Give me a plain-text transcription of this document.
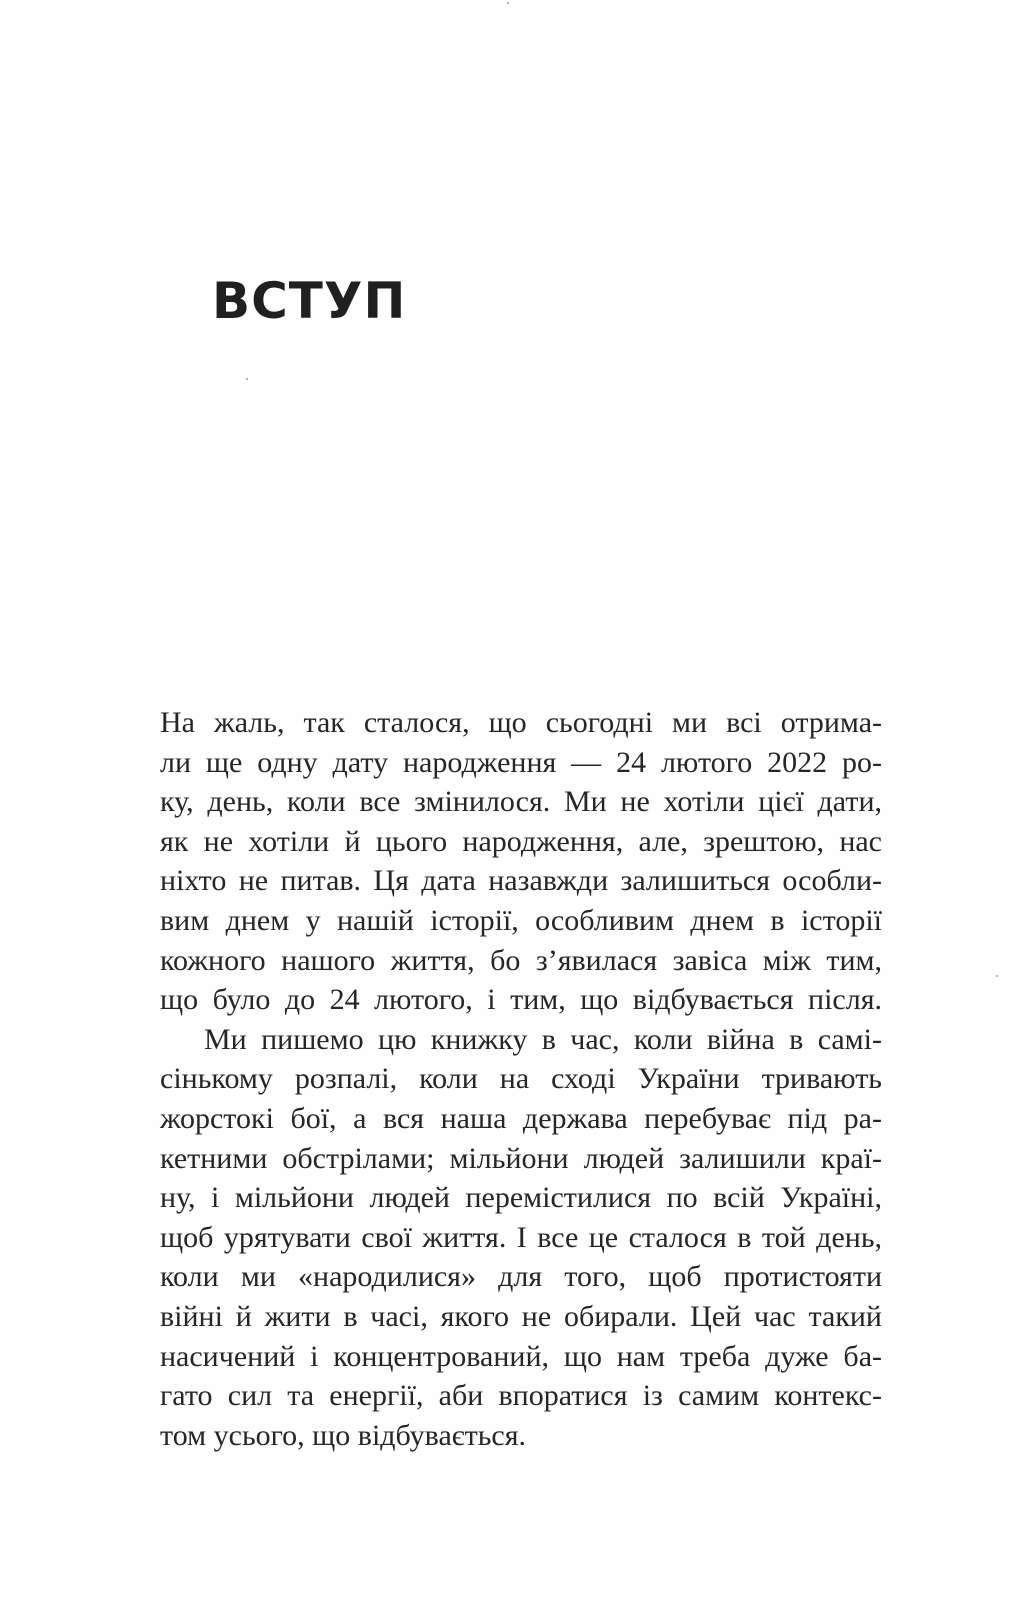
ВСТУП
На жаль, так сталося, що сьогодні ми всі отрима-
ли ще одну дату народження — 24 лютого 2022 ро-
ку, день, коли все змінилося. Ми не хотіли цієї дати,
як не хотіли й цього народження, але, зрештою, нас
ніхто не питав. Ця дата назавжди залишиться особли-
вим днем у нашій історії, особливим днем в історії
кожного нашого життя, бо з’явилася завіса між тим,
що було до 24 лютого, і тим, що відбувається після.
Ми пишемо цю книжку в час, коли війна в самі-
сінькому розпалі, коли на сході України тривають
жорстокі бої, а вся наша держава перебуває під ра-
кетними обстрілами; мільйони людей залишили краї-
ну, і мільйони людей перемістилися по всій Україні,
щоб урятувати свої життя. І все це сталося в той день,
коли ми «народилися» для того, щоб протистояти
війні й жити в часі, якого не обирали. Цей час такий
насичений і концентрований, що нам треба дуже ба-
гато сил та енергії, аби впоратися із самим контекс-
том усього, що відбувається.
